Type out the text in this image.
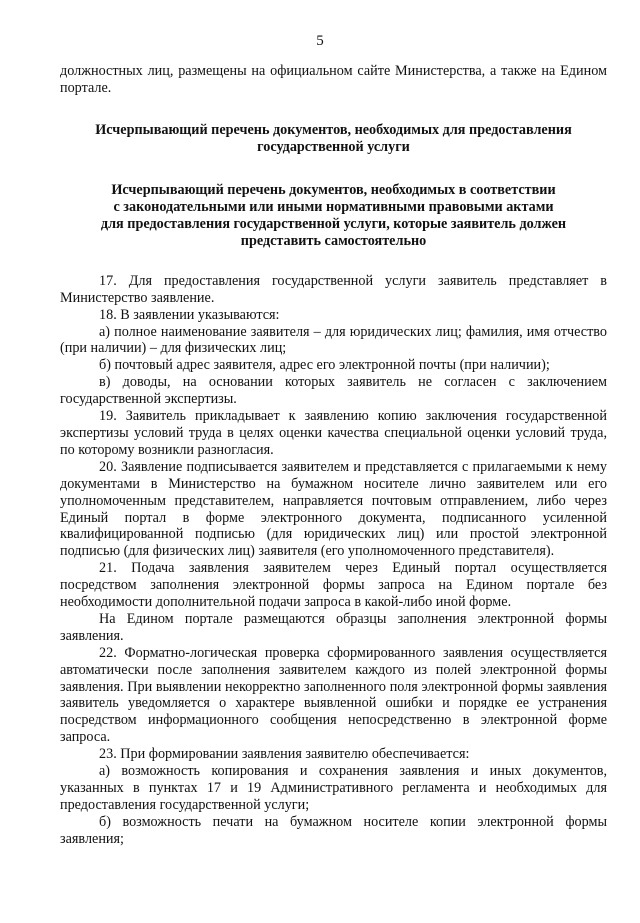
5

должностных лиц, размещены на официальном сайте Министерства, а также на Едином портале.

Исчерпывающий перечень документов, необходимых для предоставления
государственной услуги
Исчерпывающий перечень документов, необходимых в соответствии
с законодательными или иными нормативными правовыми актами
для предоставления государственной услуги, которые заявитель должен
представить самостоятельно

17. Для предоставления государственной услуги заявитель представляет в Министерство заявление.

18. В заявлении указываются:

а) полное наименование заявителя – для юридических лиц; фамилия, имя отчество (при наличии) – для физических лиц;

б) почтовый адрес заявителя, адрес его электронной почты (при наличии);

в) доводы, на основании которых заявитель не согласен с заключением государственной экспертизы.

19. Заявитель прикладывает к заявлению копию заключения государственной экспертизы условий труда в целях оценки качества специальной оценки условий труда, по которому возникли разногласия.

20. Заявление подписывается заявителем и представляется с прилагаемыми к нему документами в Министерство на бумажном носителе лично заявителем или его уполномоченным представителем, направляется почтовым отправлением, либо через Единый портал в форме электронного документа, подписанного усиленной квалифицированной подписью (для юридических лиц) или простой электронной подписью (для физических лиц) заявителя (его уполномоченного представителя).

21. Подача заявления заявителем через Единый портал осуществляется посредством заполнения электронной формы запроса на Едином портале без необходимости дополнительной подачи запроса в какой-либо иной форме.

На Едином портале размещаются образцы заполнения электронной формы заявления.

22. Форматно-логическая проверка сформированного заявления осуществляется автоматически после заполнения заявителем каждого из полей электронной формы заявления. При выявлении некорректно заполненного поля электронной формы заявления заявитель уведомляется о характере выявленной ошибки и порядке ее устранения посредством информационного сообщения непосредственно в электронной форме запроса.

23. При формировании заявления заявителю обеспечивается:

а) возможность копирования и сохранения заявления и иных документов, указанных в пунктах 17 и 19 Административного регламента и необходимых для предоставления государственной услуги;

б) возможность печати на бумажном носителе копии электронной формы заявления;
